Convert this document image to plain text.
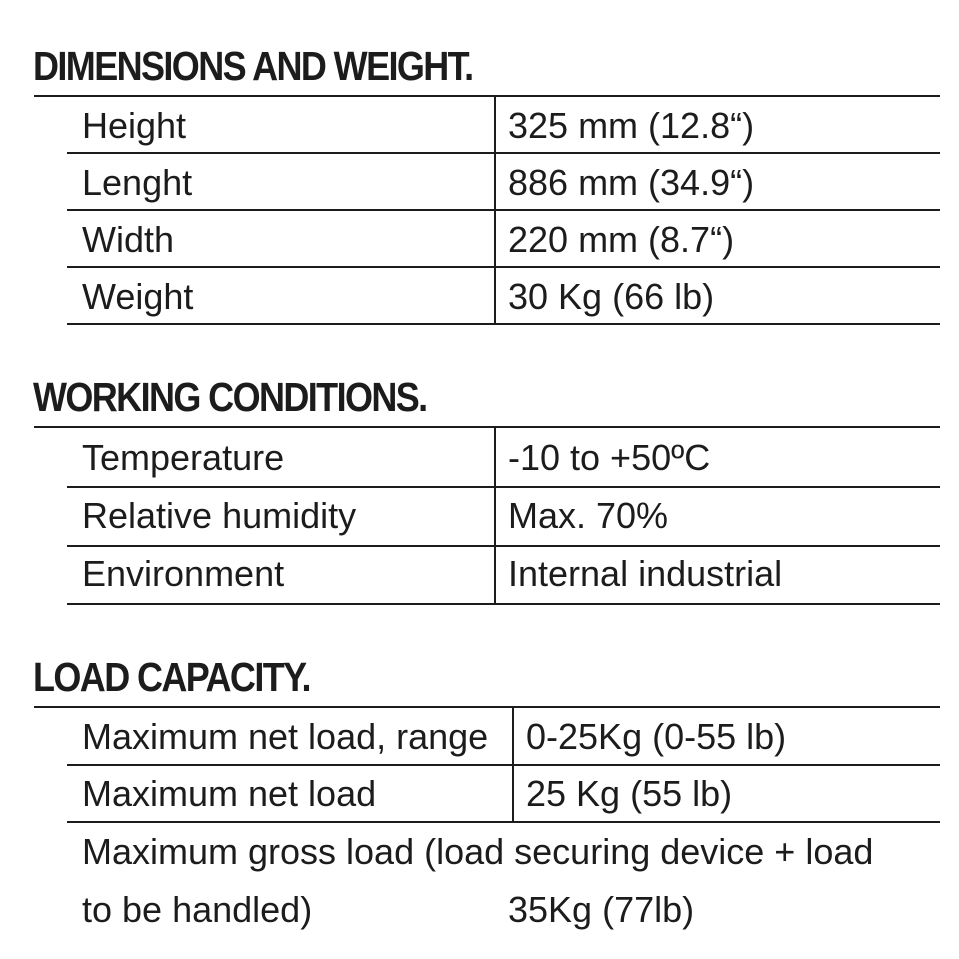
DIMENSIONS AND WEIGHT.
Height	325 mm (12.8“)
Lenght	886 mm (34.9“)
Width	220 mm (8.7“)
Weight	30 Kg (66 lb)
WORKING CONDITIONS.
Temperature	-10 to +50ºC
Relative humidity	Max. 70%
Environment	Internal industrial
LOAD CAPACITY.
Maximum net load, range 0-25Kg (0-55 lb)
Maximum net load	25 Kg (55 lb)
Maximum gross load (load securing device + load
to be handled)	35Kg (77lb)
